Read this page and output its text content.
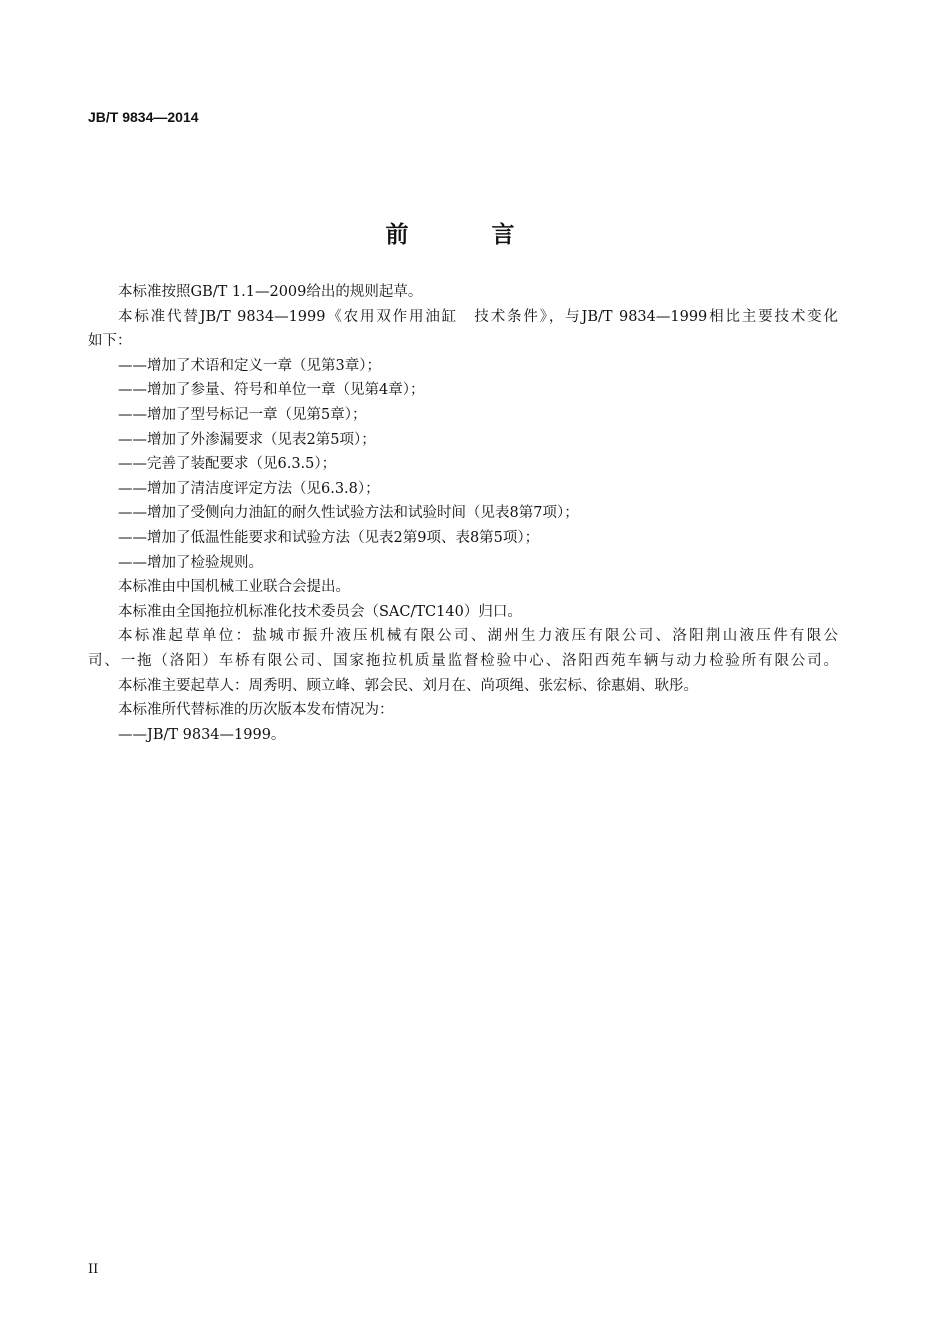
JB/T 9834—2014
前　言
本标准按照GB/T 1.1—2009给出的规则起草。
本标准代替JB/T 9834—1999《农用双作用油缸　技术条件》，与JB/T 9834—1999相比主要技术变化
如下：
——增加了术语和定义一章（见第3章）；
——增加了参量、符号和单位一章（见第4章）；
——增加了型号标记一章（见第5章）；
——增加了外渗漏要求（见表2第5项）；
——完善了装配要求（见6.3.5）；
——增加了清洁度评定方法（见6.3.8）；
——增加了受侧向力油缸的耐久性试验方法和试验时间（见表8第7项）；
——增加了低温性能要求和试验方法（见表2第9项、表8第5项）；
——增加了检验规则。
本标准由中国机械工业联合会提出。
本标准由全国拖拉机标准化技术委员会（SAC/TC140）归口。
本标准起草单位：盐城市振升液压机械有限公司、湖州生力液压有限公司、洛阳荆山液压件有限公
司、一拖（洛阳）车桥有限公司、国家拖拉机质量监督检验中心、洛阳西苑车辆与动力检验所有限公司。
本标准主要起草人：周秀明、顾立峰、郭会民、刘月在、尚项绳、张宏标、徐惠娟、耿彤。
本标准所代替标准的历次版本发布情况为：
——JB/T 9834—1999。
II
